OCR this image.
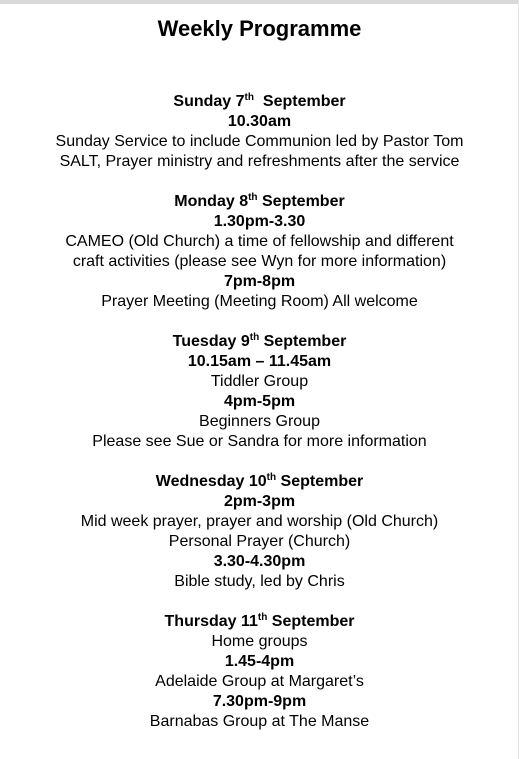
Weekly Programme
Sunday 7th  September
10.30am
Sunday Service to include Communion led by Pastor Tom
SALT, Prayer ministry and refreshments after the service
Monday 8th September
1.30pm-3.30
CAMEO (Old Church) a time of fellowship and different
craft activities (please see Wyn for more information)
7pm-8pm
Prayer Meeting (Meeting Room) All welcome
Tuesday 9th September
10.15am – 11.45am
Tiddler Group
4pm-5pm
Beginners Group
Please see Sue or Sandra for more information
Wednesday 10th September
2pm-3pm
Mid week prayer, prayer and worship (Old Church)
Personal Prayer (Church)
3.30-4.30pm
Bible study, led by Chris
Thursday 11th September
Home groups
1.45-4pm
Adelaide Group at Margaret’s
7.30pm-9pm
Barnabas Group at The Manse
